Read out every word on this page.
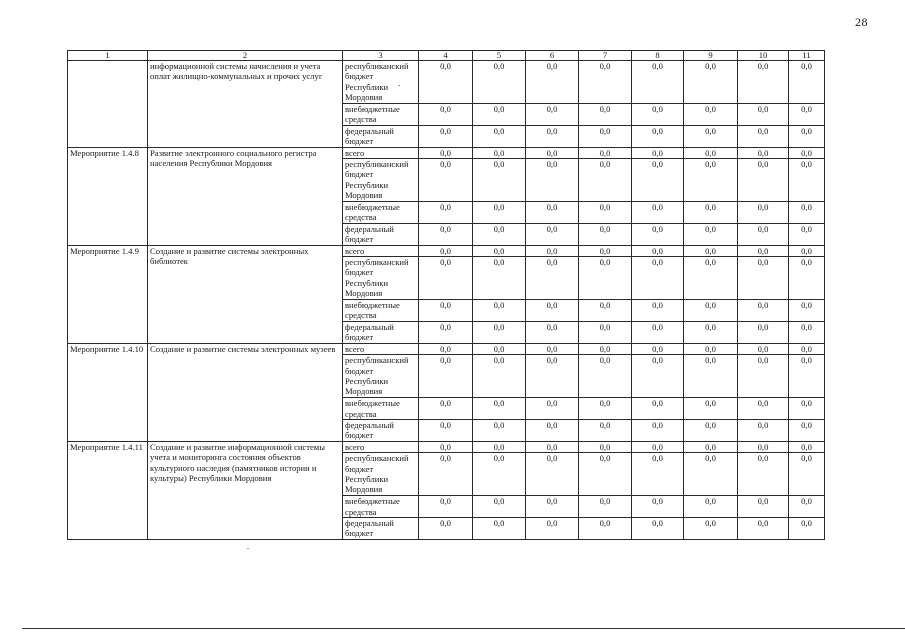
28
1	2	3	4	5	6	7	8	9	10	11
	информационной системы начисления и учета оплат жилищно-коммунальных и прочих услуг	республиканский бюджет Республики Мордовия	0,0	0,0	0,0	0,0	0,0	0,0	0,0	0,0
		внебюджетные средства	0,0	0,0	0,0	0,0	0,0	0,0	0,0	0,0
		федеральный бюджет	0,0	0,0	0,0	0,0	0,0	0,0	0,0	0,0
Мероприятие 1.4.8	Развитие электронного социального регистра населения Республики Мордовия	всего	0,0	0,0	0,0	0,0	0,0	0,0	0,0	0,0
		республиканский бюджет Республики Мордовия	0,0	0,0	0,0	0,0	0,0	0,0	0,0	0,0
		внебюджетные средства	0,0	0,0	0,0	0,0	0,0	0,0	0,0	0,0
		федеральный бюджет	0,0	0,0	0,0	0,0	0,0	0,0	0,0	0,0
Мероприятие 1.4.9	Создание и развитие системы электронных библиотек	всего	0,0	0,0	0,0	0,0	0,0	0,0	0,0	0,0
		республиканский бюджет Республики Мордовия	0,0	0,0	0,0	0,0	0,0	0,0	0,0	0,0
		внебюджетные средства	0,0	0,0	0,0	0,0	0,0	0,0	0,0	0,0
		федеральный бюджет	0,0	0,0	0,0	0,0	0,0	0,0	0,0	0,0
Мероприятие 1.4.10	Создание и развитие системы электронных музеев	всего	0,0	0,0	0,0	0,0	0,0	0,0	0,0	0,0
		республиканский бюджет Республики Мордовия	0,0	0,0	0,0	0,0	0,0	0,0	0,0	0,0
		внебюджетные средства	0,0	0,0	0,0	0,0	0,0	0,0	0,0	0,0
		федеральный бюджет	0,0	0,0	0,0	0,0	0,0	0,0	0,0	0,0
Мероприятие 1.4.11	Создание и развитие информационной системы учета и мониторинга состояния объектов культурного наследия (памятников истории и культуры) Республики Мордовия	всего	0,0	0,0	0,0	0,0	0,0	0,0	0,0	0,0
		республиканский бюджет Республики Мордовия	0,0	0,0	0,0	0,0	0,0	0,0	0,0	0,0
		внебюджетные средства	0,0	0,0	0,0	0,0	0,0	0,0	0,0	0,0
		федеральный бюджет	0,0	0,0	0,0	0,0	0,0	0,0	0,0	0,0
